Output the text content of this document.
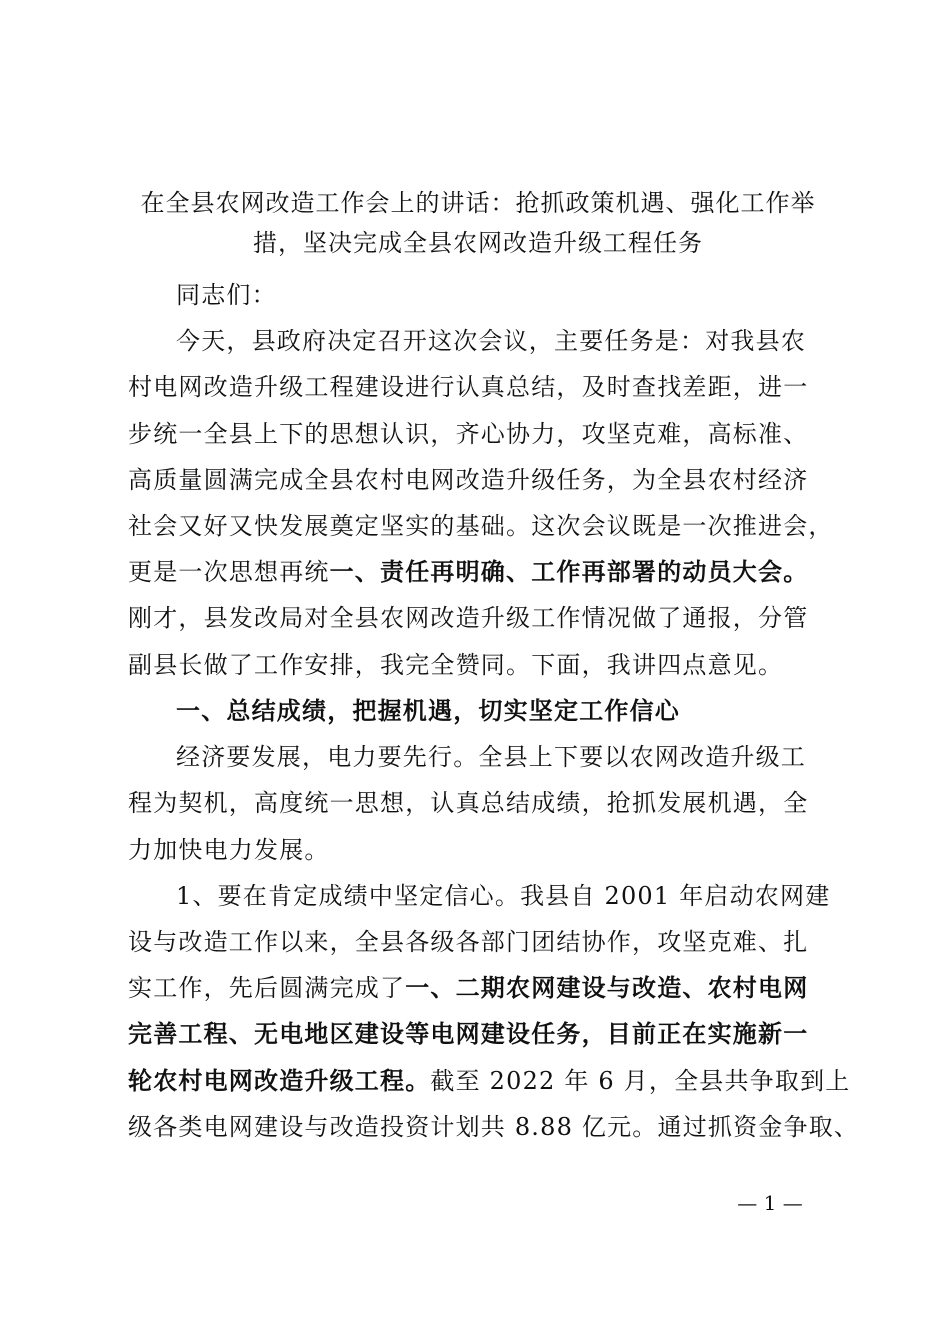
在全县农网改造工作会上的讲话：抢抓政策机遇、强化工作举
措，坚决完成全县农网改造升级工程任务
同志们：
今天，县政府决定召开这次会议，主要任务是：对我县农
村电网改造升级工程建设进行认真总结，及时查找差距，进一
步统一全县上下的思想认识，齐心协力，攻坚克难，高标准、
高质量圆满完成全县农村电网改造升级任务，为全县农村经济
社会又好又快发展奠定坚实的基础。这次会议既是一次推进会，
更是一次思想再统一、责任再明确、工作再部署的动员大会。
刚才，县发改局对全县农网改造升级工作情况做了通报，分管
副县长做了工作安排，我完全赞同。下面，我讲四点意见。
一、总结成绩，把握机遇，切实坚定工作信心
经济要发展，电力要先行。全县上下要以农网改造升级工
程为契机，高度统一思想，认真总结成绩，抢抓发展机遇，全
力加快电力发展。
1、要在肯定成绩中坚定信心。我县自 2001 年启动农网建
设与改造工作以来，全县各级各部门团结协作，攻坚克难、扎
实工作，先后圆满完成了一、二期农网建设与改造、农村电网
完善工程、无电地区建设等电网建设任务，目前正在实施新一
轮农村电网改造升级工程。截至 2022 年 6 月，全县共争取到上
级各类电网建设与改造投资计划共 8.88 亿元。通过抓资金争取、
— 1 —
